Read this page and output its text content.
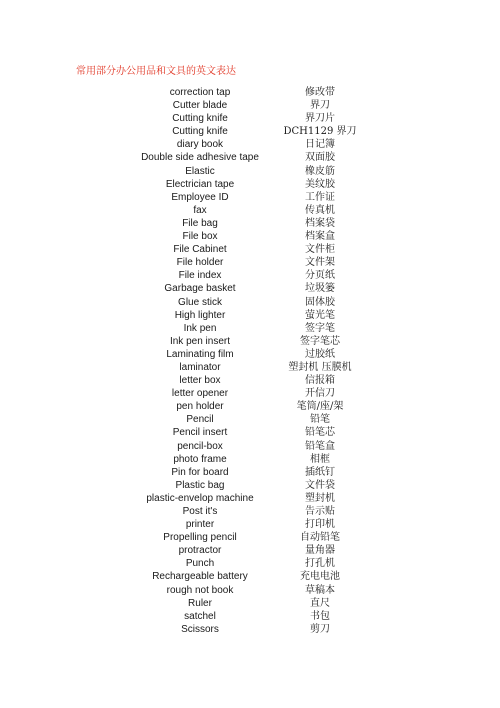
常用部分办公用品和文具的英文表达
correction tap	修改带
Cutter blade	界刀
Cutting knife	界刀片
Cutting knife	DCH1129 界刀
diary book	日记簿
Double side adhesive tape	双面胶
Elastic	橡皮筋
Electrician tape	美纹胶
Employee ID	工作证
fax	传真机
File bag	档案袋
File box	档案盒
File Cabinet	文件柜
File holder	文件架
File index	分页纸
Garbage basket	垃圾篓
Glue stick	固体胶
High lighter	萤光笔
Ink pen	签字笔
Ink pen insert	签字笔芯
Laminating film	过胶纸
laminator	塑封机 压膜机
letter box	信报箱
letter opener	开信刀
pen holder	笔筒/座/架
Pencil	铅笔
Pencil insert	铅笔芯
pencil-box	铅笔盒
photo frame	相框
Pin for board	插纸钉
Plastic bag	文件袋
plastic-envelop machine	塑封机
Post it's	告示贴
printer	打印机
Propelling pencil	自动铅笔
protractor	量角器
Punch	打孔机
Rechargeable battery	充电电池
rough not book	草稿本
Ruler	直尺
satchel	书包
Scissors	剪刀
